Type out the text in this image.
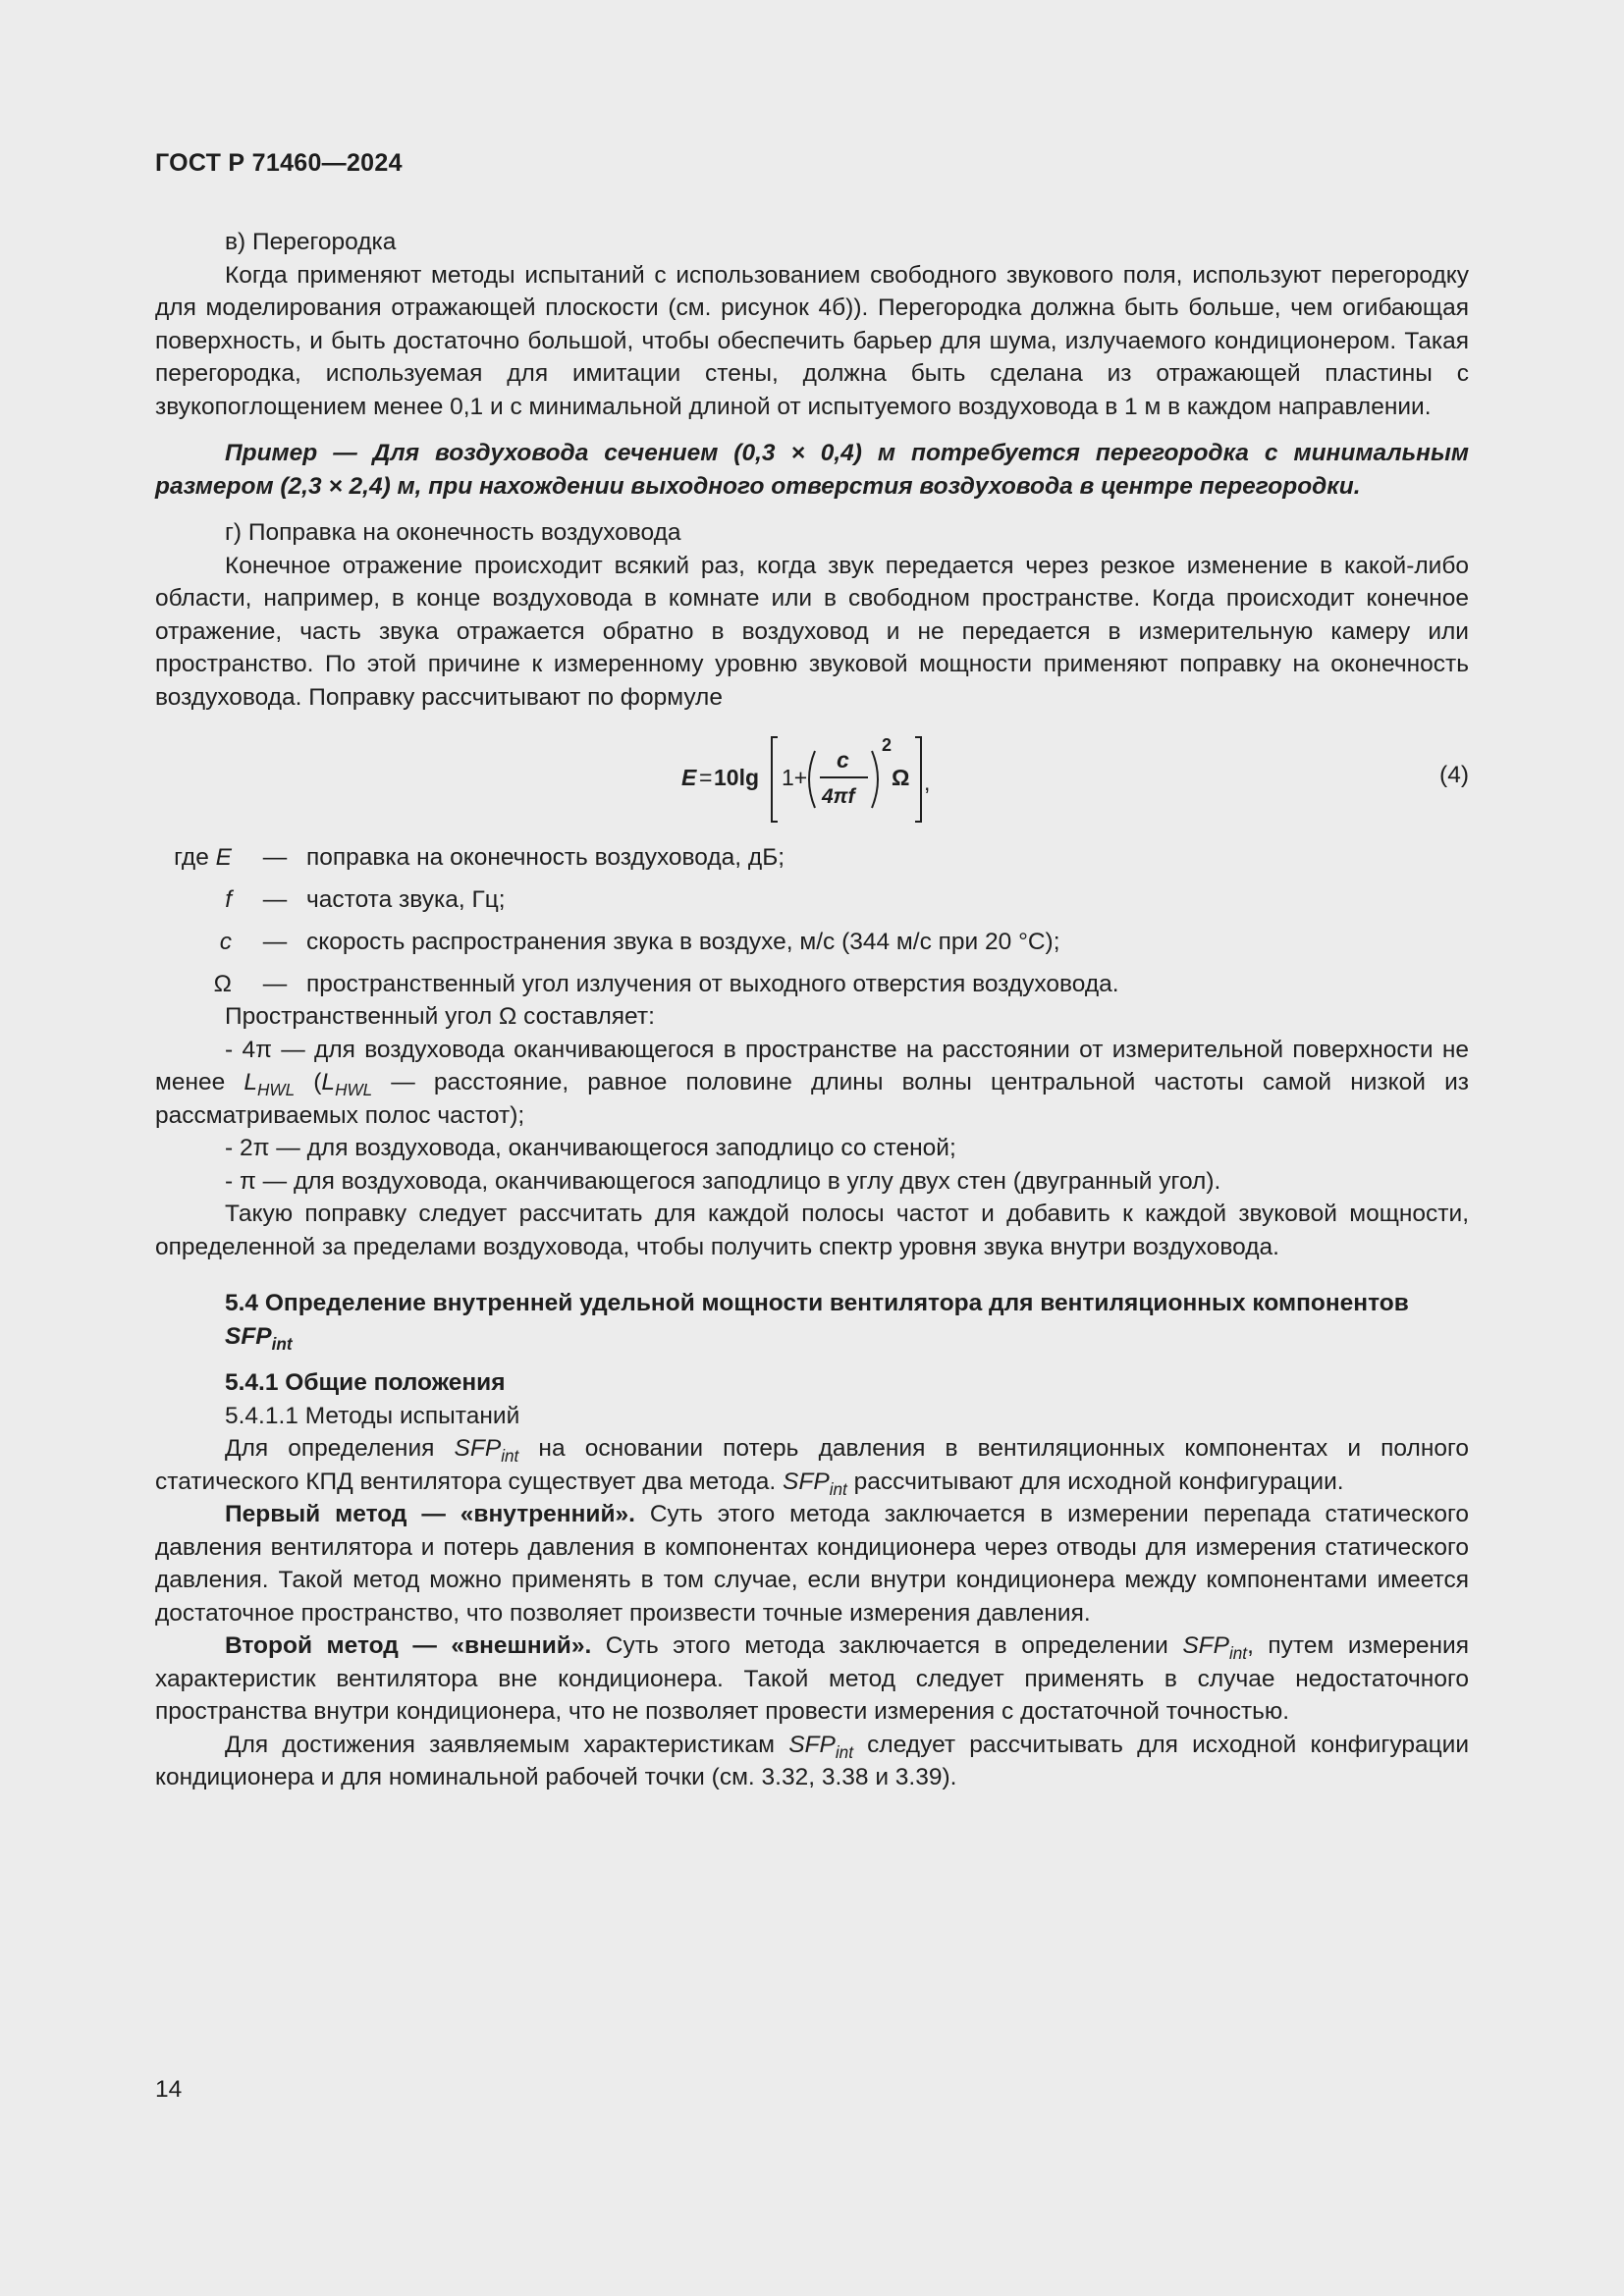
ГОСТ Р 71460—2024

в) Перегородка

Когда применяют методы испытаний с использованием свободного звукового поля, используют перегородку для моделирования отражающей плоскости (см. рисунок 4б)). Перегородка должна быть больше, чем огибающая поверхность, и быть достаточно большой, чтобы обеспечить барьер для шума, излучаемого кондиционером. Такая перегородка, используемая для имитации стены, должна быть сделана из отражающей пластины с звукопоглощением менее 0,1 и с минимальной длиной от испытуемого воздуховода в 1 м в каждом направлении.

Пример — Для воздуховода сечением (0,3 × 0,4) м потребуется перегородка с минимальным размером (2,3 × 2,4) м, при нахождении выходного отверстия воздуховода в центре перегородки.

г) Поправка на оконечность воздуховода

Конечное отражение происходит всякий раз, когда звук передается через резкое изменение в какой-либо области, например, в конце воздуховода в комнате или в свободном пространстве. Когда происходит конечное отражение, часть звука отражается обратно в воздуховод и не передается в измерительную камеру или пространство. По этой причине к измеренному уровню звуковой мощности применяют поправку на оконечность воздуховода. Поправку рассчитывают по формуле

E = 10lg 1+
c
4πf
2
Ω ,	(4)
где E	—	поправка на оконечность воздуховода, дБ;
f	—	частота звука, Гц;
c	—	скорость распространения звука в воздухе, м/с (344 м/с при 20 °С);
Ω	—	пространственный угол излучения от выходного отверстия воздуховода.

Пространственный угол Ω составляет:

- 4π — для воздуховода оканчивающегося в пространстве на расстоянии от измерительной поверхности не менее $L_{HWL}$ ($L_{HWL}$ — расстояние, равное половине длины волны центральной частоты самой низкой из рассматриваемых полос частот);

- 2π — для воздуховода, оканчивающегося заподлицо со стеной;

- π — для воздуховода, оканчивающегося заподлицо в углу двух стен (двугранный угол).

Такую поправку следует рассчитать для каждой полосы частот и добавить к каждой звуковой мощности, определенной за пределами воздуховода, чтобы получить спектр уровня звука внутри воздуховода.

5.4 Определение внутренней удельной мощности вентилятора для вентиляционных компонентов $SFP_{int}$
5.4.1 Общие положения
5.4.1.1 Методы испытаний

Для определения $SFP_{int}$ на основании потерь давления в вентиляционных компонентах и полного статического КПД вентилятора существует два метода. $SFP_{int}$ рассчитывают для исходной конфигурации.

Первый метод — «внутренний». Суть этого метода заключается в измерении перепада статического давления вентилятора и потерь давления в компонентах кондиционера через отводы для измерения статического давления. Такой метод можно применять в том случае, если внутри кондиционера между компонентами имеется достаточное пространство, что позволяет произвести точные измерения давления.

Второй метод — «внешний». Суть этого метода заключается в определении $SFP_{int}$, путем измерения характеристик вентилятора вне кондиционера. Такой метод следует применять в случае недостаточного пространства внутри кондиционера, что не позволяет провести измерения с достаточной точностью.

Для достижения заявляемым характеристикам $SFP_{int}$ следует рассчитывать для исходной конфигурации кондиционера и для номинальной рабочей точки (см. 3.32, 3.38 и 3.39).

14
